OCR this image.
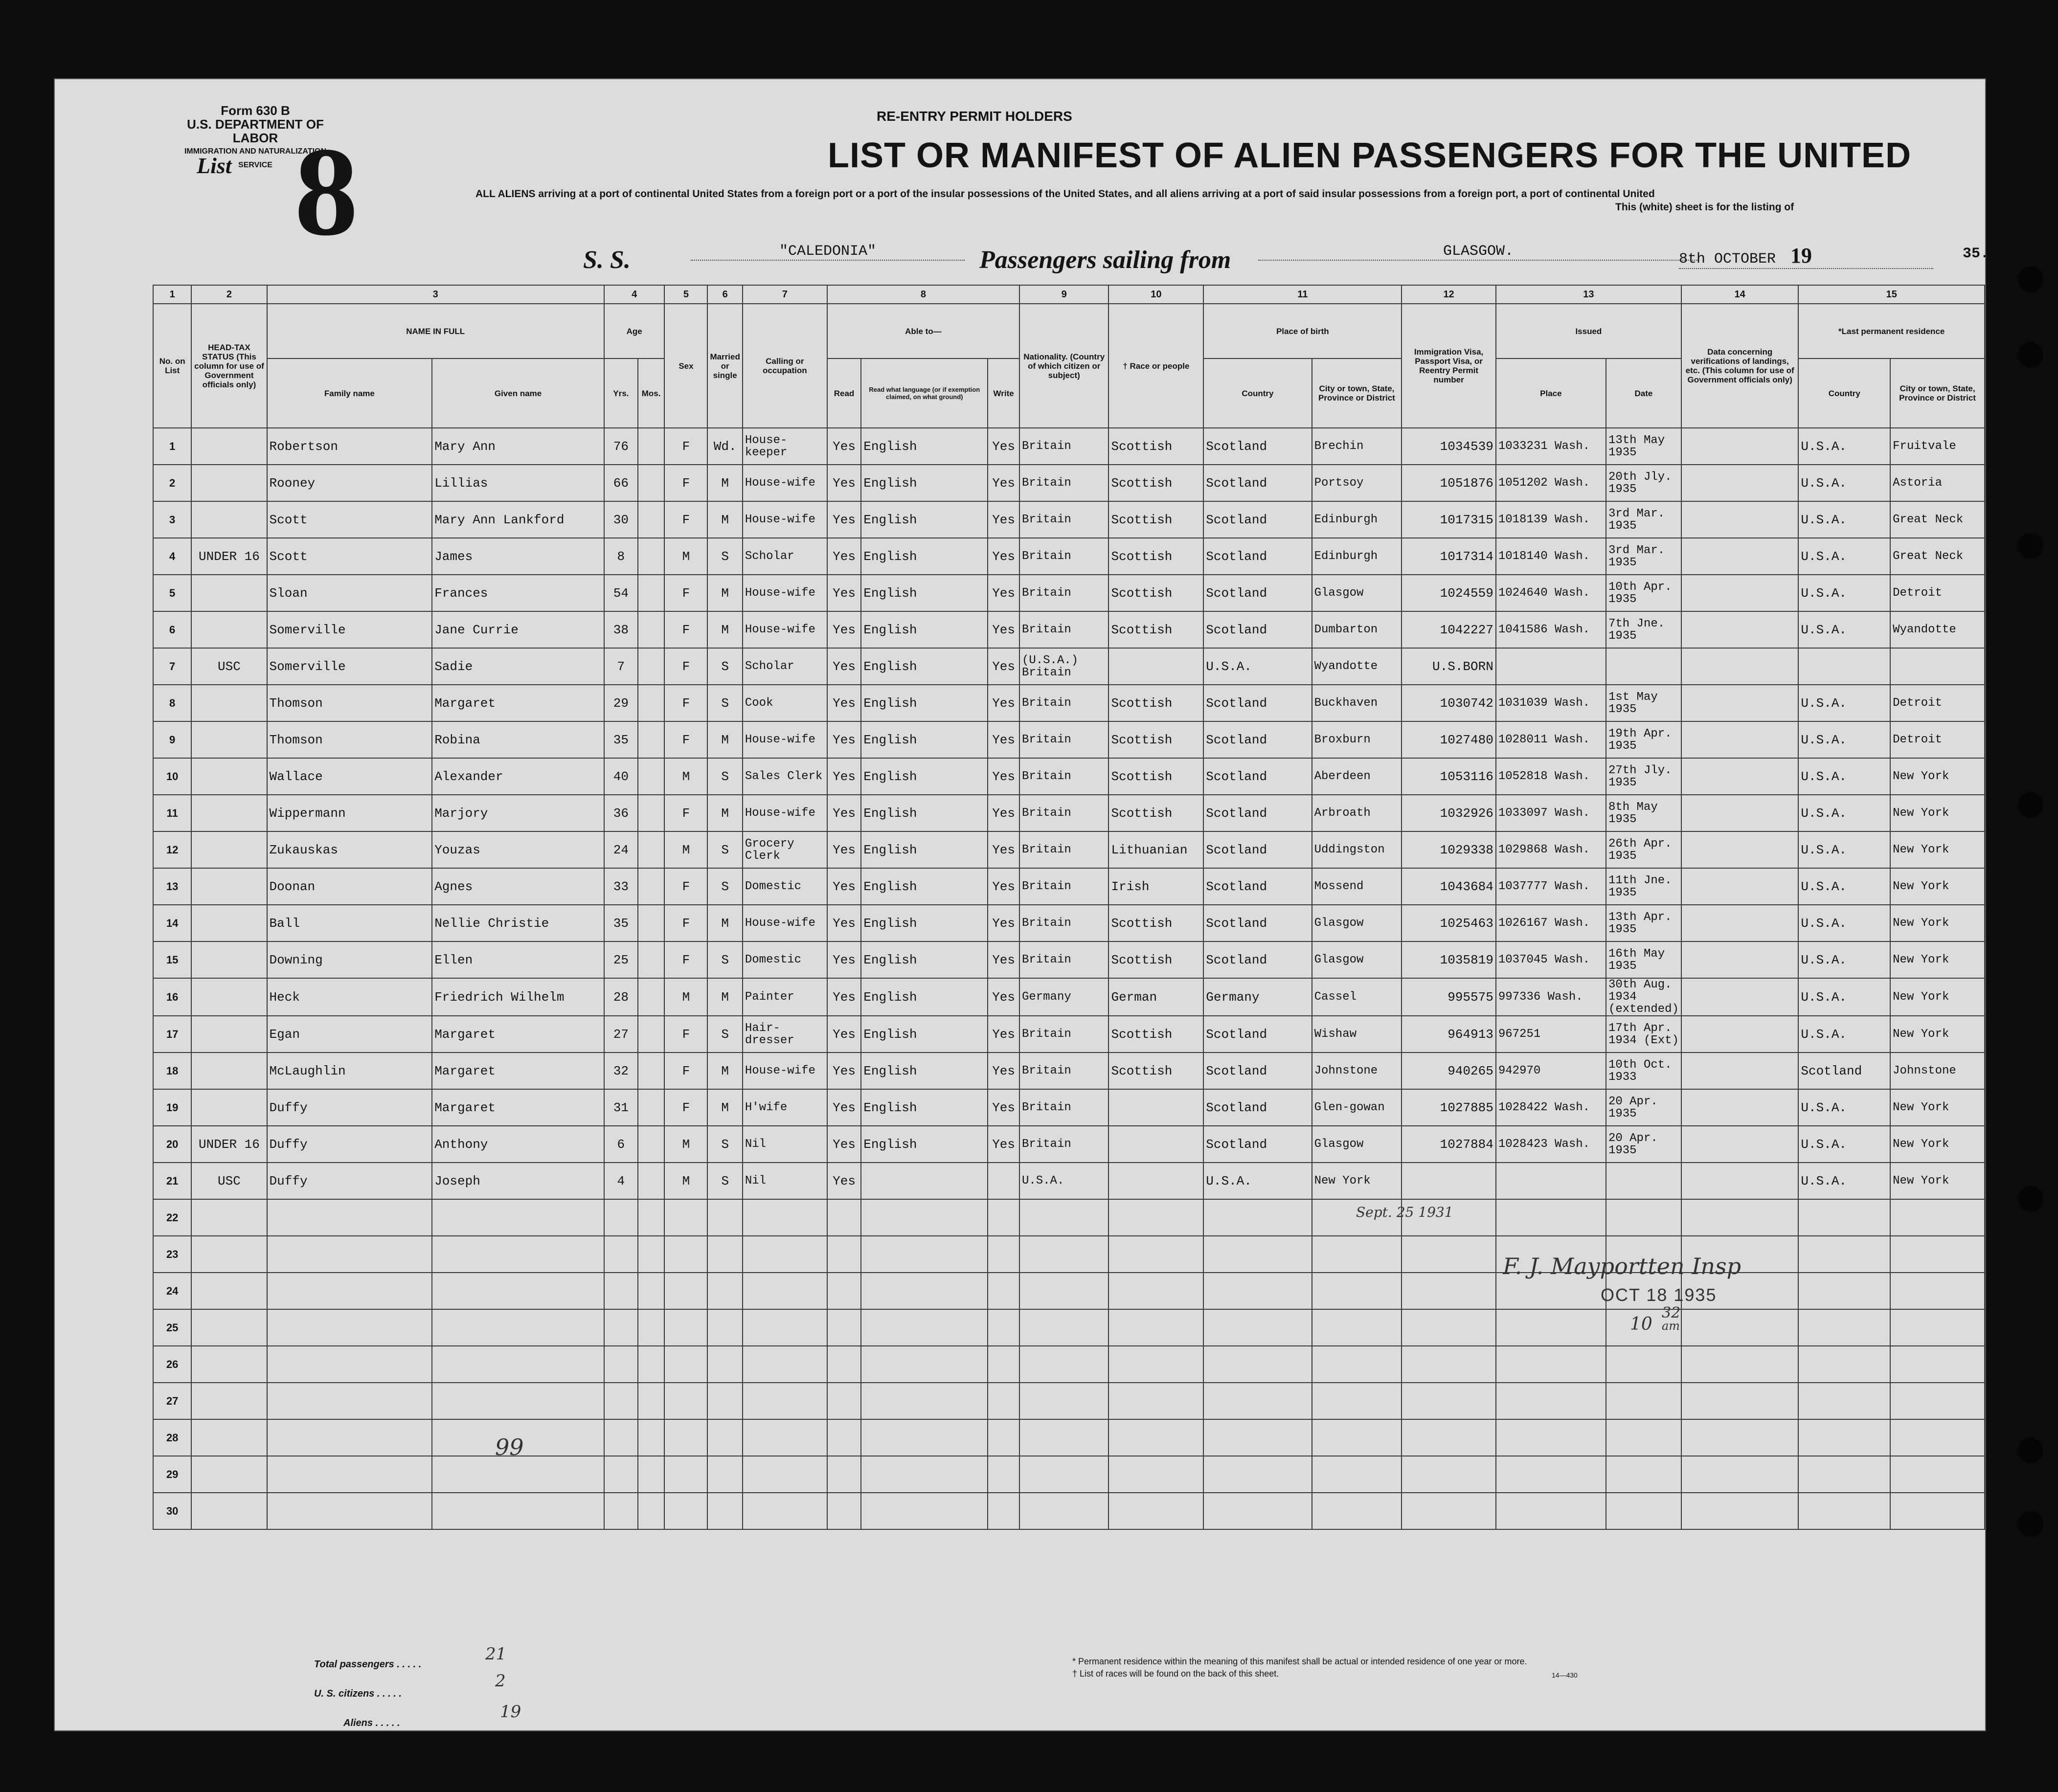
Form 630 B
U.S. DEPARTMENT OF LABOR
IMMIGRATION AND NATURALIZATION SERVICE
List 8
RE-ENTRY PERMIT HOLDERS
LIST OR MANIFEST OF ALIEN PASSENGERS FOR THE UNITED
ALL ALIENS arriving at a port of continental United States from a foreign port or a port of the insular possessions of the United States, and all aliens arriving at a port of said insular possessions from a foreign port, a port of continental United
This (white) sheet is for the listing of
S. S.	"CALEDONIA"	Passengers sailing from	GLASGOW.	8th OCTOBER 19	35.
1	2	3		4		5	6	7	8			9	10	11		12	13		14	15	
No. on List	HEAD-TAX STATUS (This column for use of Government officials only)	NAME IN FULL		Age		Sex	Married or single	Calling or occupation	Able to—			Nationality. (Country of which citizen or subject)	† Race or people	Place of birth		Immigration Visa, Passport Visa, or Reentry Permit number	Issued		Data concerning verifications of landings, etc. (This column for use of Government officials only)	*Last permanent residence	
		Family name	Given name	Yrs.	Mos.				Read	Read what language (or if exemption claimed, on what ground)	Write			Country	City or town, State, Province or District		Place	Date		Country	City or town, State, Province or District
1		Robertson	Mary Ann	76		F	Wd.	House-keeper	Yes	English	Yes	Britain	Scottish	Scotland	Brechin	1034539	1033231 Wash.	13th May 1935		U.S.A.	Fruitvale
2		Rooney	Lillias	66		F	M	House-wife	Yes	English	Yes	Britain	Scottish	Scotland	Portsoy	1051876	1051202 Wash.	20th Jly. 1935		U.S.A.	Astoria
3		Scott	Mary Ann Lankford	30		F	M	House-wife	Yes	English	Yes	Britain	Scottish	Scotland	Edinburgh	1017315	1018139 Wash.	3rd Mar. 1935		U.S.A.	Great Neck
4	UNDER 16	Scott	James	8		M	S	Scholar	Yes	English	Yes	Britain	Scottish	Scotland	Edinburgh	1017314	1018140 Wash.	3rd Mar. 1935		U.S.A.	Great Neck
5		Sloan	Frances	54		F	M	House-wife	Yes	English	Yes	Britain	Scottish	Scotland	Glasgow	1024559	1024640 Wash.	10th Apr. 1935		U.S.A.	Detroit
6		Somerville	Jane Currie	38		F	M	House-wife	Yes	English	Yes	Britain	Scottish	Scotland	Dumbarton	1042227	1041586 Wash.	7th Jne. 1935		U.S.A.	Wyandotte
7	USC	Somerville	Sadie	7		F	S	Scholar	Yes	English	Yes	(U.S.A.) Britain		U.S.A.	Wyandotte	U.S.BORN					
8		Thomson	Margaret	29		F	S	Cook	Yes	English	Yes	Britain	Scottish	Scotland	Buckhaven	1030742	1031039 Wash.	1st May 1935		U.S.A.	Detroit
9		Thomson	Robina	35		F	M	House-wife	Yes	English	Yes	Britain	Scottish	Scotland	Broxburn	1027480	1028011 Wash.	19th Apr. 1935		U.S.A.	Detroit
10		Wallace	Alexander	40		M	S	Sales Clerk	Yes	English	Yes	Britain	Scottish	Scotland	Aberdeen	1053116	1052818 Wash.	27th Jly. 1935		U.S.A.	New York
11		Wippermann	Marjory	36		F	M	House-wife	Yes	English	Yes	Britain	Scottish	Scotland	Arbroath	1032926	1033097 Wash.	8th May 1935		U.S.A.	New York
12		Zukauskas	Youzas	24		M	S	Grocery Clerk	Yes	English	Yes	Britain	Lithuanian	Scotland	Uddingston	1029338	1029868 Wash.	26th Apr. 1935		U.S.A.	New York
13		Doonan	Agnes	33		F	S	Domestic	Yes	English	Yes	Britain	Irish	Scotland	Mossend	1043684	1037777 Wash.	11th Jne. 1935		U.S.A.	New York
14		Ball	Nellie Christie	35		F	M	House-wife	Yes	English	Yes	Britain	Scottish	Scotland	Glasgow	1025463	1026167 Wash.	13th Apr. 1935		U.S.A.	New York
15		Downing	Ellen	25		F	S	Domestic	Yes	English	Yes	Britain	Scottish	Scotland	Glasgow	1035819	1037045 Wash.	16th May 1935		U.S.A.	New York
16		Heck	Friedrich Wilhelm	28		M	M	Painter	Yes	English	Yes	Germany	German	Germany	Cassel	995575	997336 Wash.	30th Aug. 1934 (extended)		U.S.A.	New York
17		Egan	Margaret	27		F	S	Hair-dresser	Yes	English	Yes	Britain	Scottish	Scotland	Wishaw	964913	967251	17th Apr. 1934 (Ext)		U.S.A.	New York
18		McLaughlin	Margaret	32		F	M	House-wife	Yes	English	Yes	Britain	Scottish	Scotland	Johnstone	940265	942970	10th Oct. 1933		Scotland	Johnstone
19		Duffy	Margaret	31		F	M	H'wife	Yes	English	Yes	Britain		Scotland	Glen-gowan	1027885	1028422 Wash.	20 Apr. 1935		U.S.A.	New York
20	UNDER 16	Duffy	Anthony	6		M	S	Nil	Yes	English	Yes	Britain		Scotland	Glasgow	1027884	1028423 Wash.	20 Apr. 1935		U.S.A.	New York
21	USC	Duffy	Joseph	4		M	S	Nil	Yes			U.S.A.		U.S.A.	New York					U.S.A.	New York
22																					
23																					
24																					
25																					
26																					
27																					
28																					
29																					
30																					
99
F. J. Mayportten Insp
OCT 18 1935
10
32
am
Sept. 25 1931
Total passengers . . . . .
21
U. S. citizens . . . . .
2
Aliens . . . . .
19
* Permanent residence within the meaning of this manifest shall be actual or intended residence of one year or more.
† List of races will be found on the back of this sheet.	14—430
